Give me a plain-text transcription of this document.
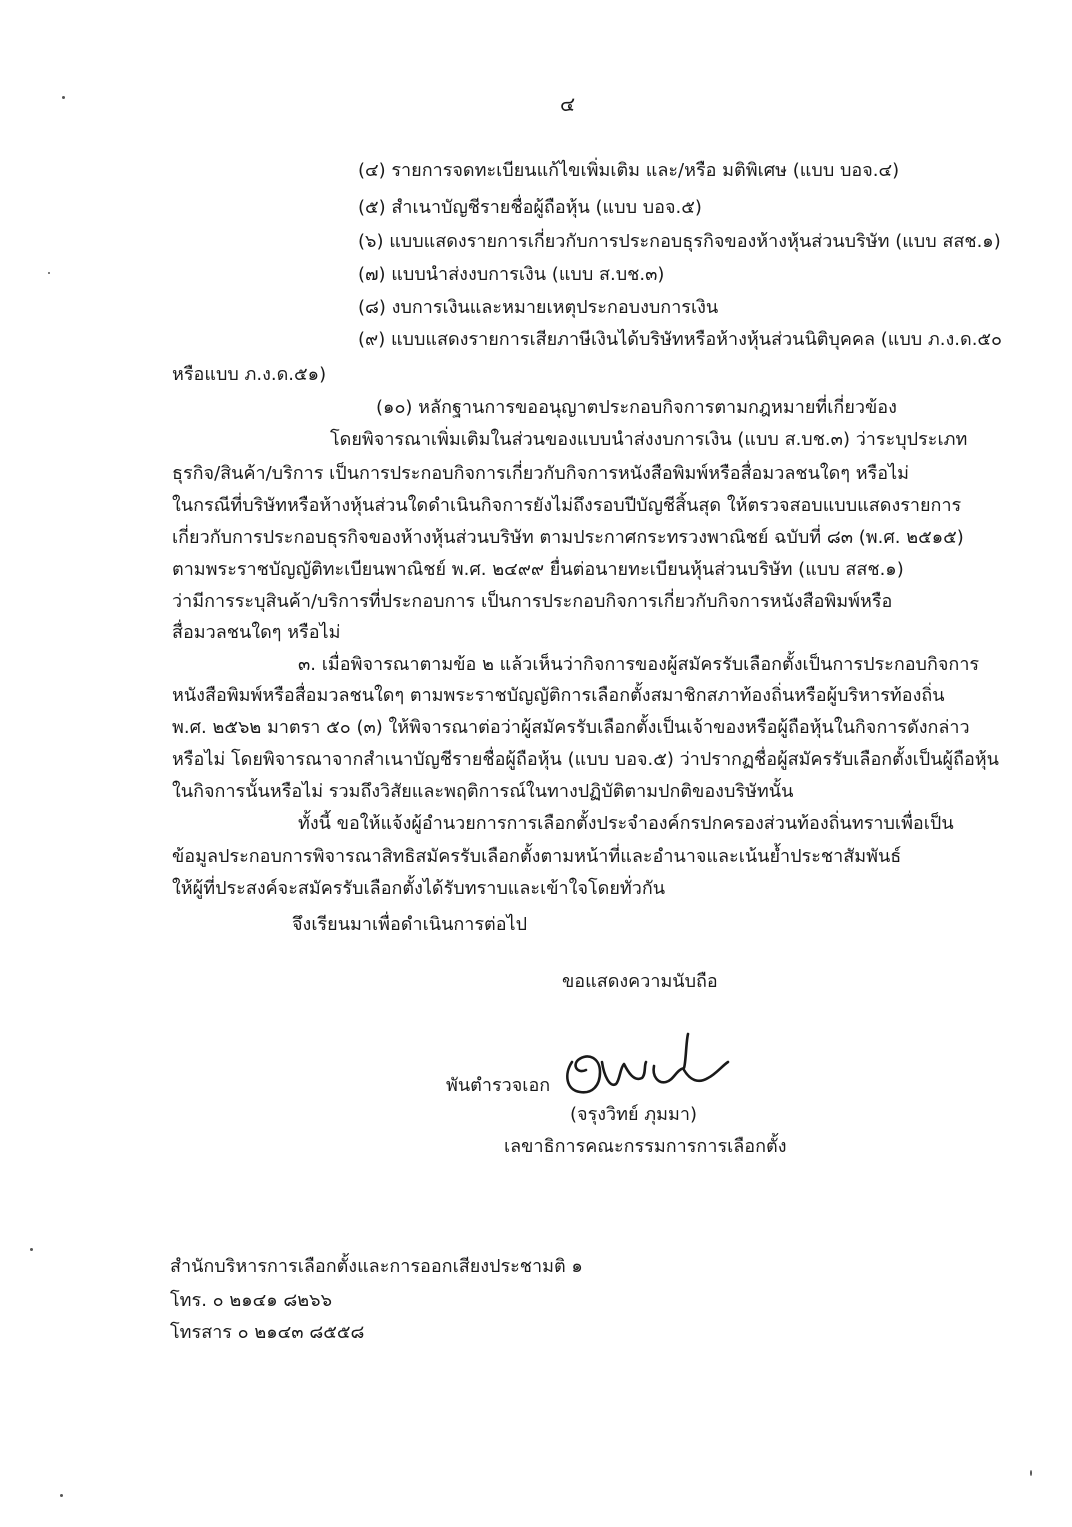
๔
(๔) รายการจดทะเบียนแก้ไขเพิ่มเติม และ/หรือ มติพิเศษ (แบบ บอจ.๔)
(๕) สำเนาบัญชีรายชื่อผู้ถือหุ้น (แบบ บอจ.๕)
(๖) แบบแสดงรายการเกี่ยวกับการประกอบธุรกิจของห้างหุ้นส่วนบริษัท (แบบ สสช.๑)
(๗) แบบนำส่งงบการเงิน (แบบ ส.บช.๓)
(๘) งบการเงินและหมายเหตุประกอบงบการเงิน
(๙) แบบแสดงรายการเสียภาษีเงินได้บริษัทหรือห้างหุ้นส่วนนิติบุคคล (แบบ ภ.ง.ด.๕๐
หรือแบบ ภ.ง.ด.๕๑)
(๑๐) หลักฐานการขออนุญาตประกอบกิจการตามกฎหมายที่เกี่ยวข้อง
โดยพิจารณาเพิ่มเติมในส่วนของแบบนำส่งงบการเงิน (แบบ ส.บช.๓) ว่าระบุประเภท
ธุรกิจ/สินค้า/บริการ เป็นการประกอบกิจการเกี่ยวกับกิจการหนังสือพิมพ์หรือสื่อมวลชนใดๆ หรือไม่
ในกรณีที่บริษัทหรือห้างหุ้นส่วนใดดำเนินกิจการยังไม่ถึงรอบปีบัญชีสิ้นสุด ให้ตรวจสอบแบบแสดงรายการ
เกี่ยวกับการประกอบธุรกิจของห้างหุ้นส่วนบริษัท ตามประกาศกระทรวงพาณิชย์ ฉบับที่ ๘๓ (พ.ศ. ๒๕๑๕)
ตามพระราชบัญญัติทะเบียนพาณิชย์ พ.ศ. ๒๔๙๙ ยื่นต่อนายทะเบียนหุ้นส่วนบริษัท (แบบ สสช.๑)
ว่ามีการระบุสินค้า/บริการที่ประกอบการ เป็นการประกอบกิจการเกี่ยวกับกิจการหนังสือพิมพ์หรือ
สื่อมวลชนใดๆ หรือไม่
๓. เมื่อพิจารณาตามข้อ ๒ แล้วเห็นว่ากิจการของผู้สมัครรับเลือกตั้งเป็นการประกอบกิจการ
หนังสือพิมพ์หรือสื่อมวลชนใดๆ ตามพระราชบัญญัติการเลือกตั้งสมาชิกสภาท้องถิ่นหรือผู้บริหารท้องถิ่น
พ.ศ. ๒๕๖๒ มาตรา ๕๐ (๓) ให้พิจารณาต่อว่าผู้สมัครรับเลือกตั้งเป็นเจ้าของหรือผู้ถือหุ้นในกิจการดังกล่าว
หรือไม่ โดยพิจารณาจากสำเนาบัญชีรายชื่อผู้ถือหุ้น (แบบ บอจ.๕) ว่าปรากฏชื่อผู้สมัครรับเลือกตั้งเป็นผู้ถือหุ้น
ในกิจการนั้นหรือไม่ รวมถึงวิสัยและพฤติการณ์ในทางปฏิบัติตามปกติของบริษัทนั้น
ทั้งนี้ ขอให้แจ้งผู้อำนวยการการเลือกตั้งประจำองค์กรปกครองส่วนท้องถิ่นทราบเพื่อเป็น
ข้อมูลประกอบการพิจารณาสิทธิสมัครรับเลือกตั้งตามหน้าที่และอำนาจและเน้นย้ำประชาสัมพันธ์
ให้ผู้ที่ประสงค์จะสมัครรับเลือกตั้งได้รับทราบและเข้าใจโดยทั่วกัน
จึงเรียนมาเพื่อดำเนินการต่อไป
ขอแสดงความนับถือ
พันตำรวจเอก
(จรุงวิทย์ ภุมมา)
เลขาธิการคณะกรรมการการเลือกตั้ง
สำนักบริหารการเลือกตั้งและการออกเสียงประชามติ ๑
โทร. ๐ ๒๑๔๑ ๘๒๖๖
โทรสาร ๐ ๒๑๔๓ ๘๕๕๘
